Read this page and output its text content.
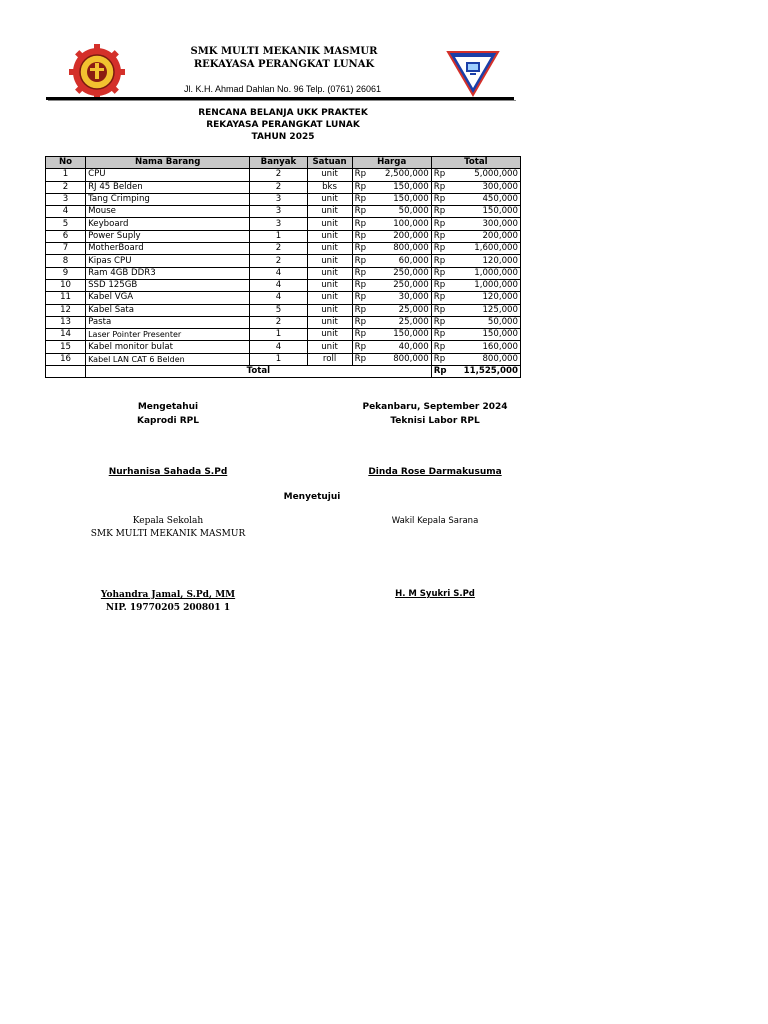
SMK MULTI MEKANIK MASMUR
REKAYASA PERANGKAT LUNAK
Jl. K.H. Ahmad Dahlan No. 96 Telp. (0761) 26061
RENCANA BELANJA UKK PRAKTEK
REKAYASA PERANGKAT LUNAK
TAHUN 2025
No	Nama Barang	Banyak	Satuan	Harga		Total	
1	CPU	2	unit	Rp	2,500,000	Rp	5,000,000
2	RJ 45 Belden	2	bks	Rp	150,000	Rp	300,000
3	Tang Crimping	3	unit	Rp	150,000	Rp	450,000
4	Mouse	3	unit	Rp	50,000	Rp	150,000
5	Keyboard	3	unit	Rp	100,000	Rp	300,000
6	Power Suply	1	unit	Rp	200,000	Rp	200,000
7	MotherBoard	2	unit	Rp	800,000	Rp	1,600,000
8	Kipas CPU	2	unit	Rp	60,000	Rp	120,000
9	Ram 4GB DDR3	4	unit	Rp	250,000	Rp	1,000,000
10	SSD 125GB	4	unit	Rp	250,000	Rp	1,000,000
11	Kabel VGA	4	unit	Rp	30,000	Rp	120,000
12	Kabel Sata	5	unit	Rp	25,000	Rp	125,000
13	Pasta	2	unit	Rp	25,000	Rp	50,000
14	Laser Pointer Presenter	1	unit	Rp	150,000	Rp	150,000
15	Kabel monitor bulat	4	unit	Rp	40,000	Rp	160,000
16	Kabel LAN CAT 6 Belden	1	roll	Rp	800,000	Rp	800,000
	Total					Rp	11,525,000
Mengetahui
Kaprodi RPL
Pekanbaru, September 2024
Teknisi Labor RPL
Nurhanisa Sahada S.Pd	Dinda Rose Darmakusuma
Menyetujui
Kepala Sekolah
SMK MULTI MEKANIK MASMUR
Wakil Kepala Sarana
Yohandra Jamal, S.Pd, MM
NIP. 19770205 200801 1
H. M Syukri S.Pd
